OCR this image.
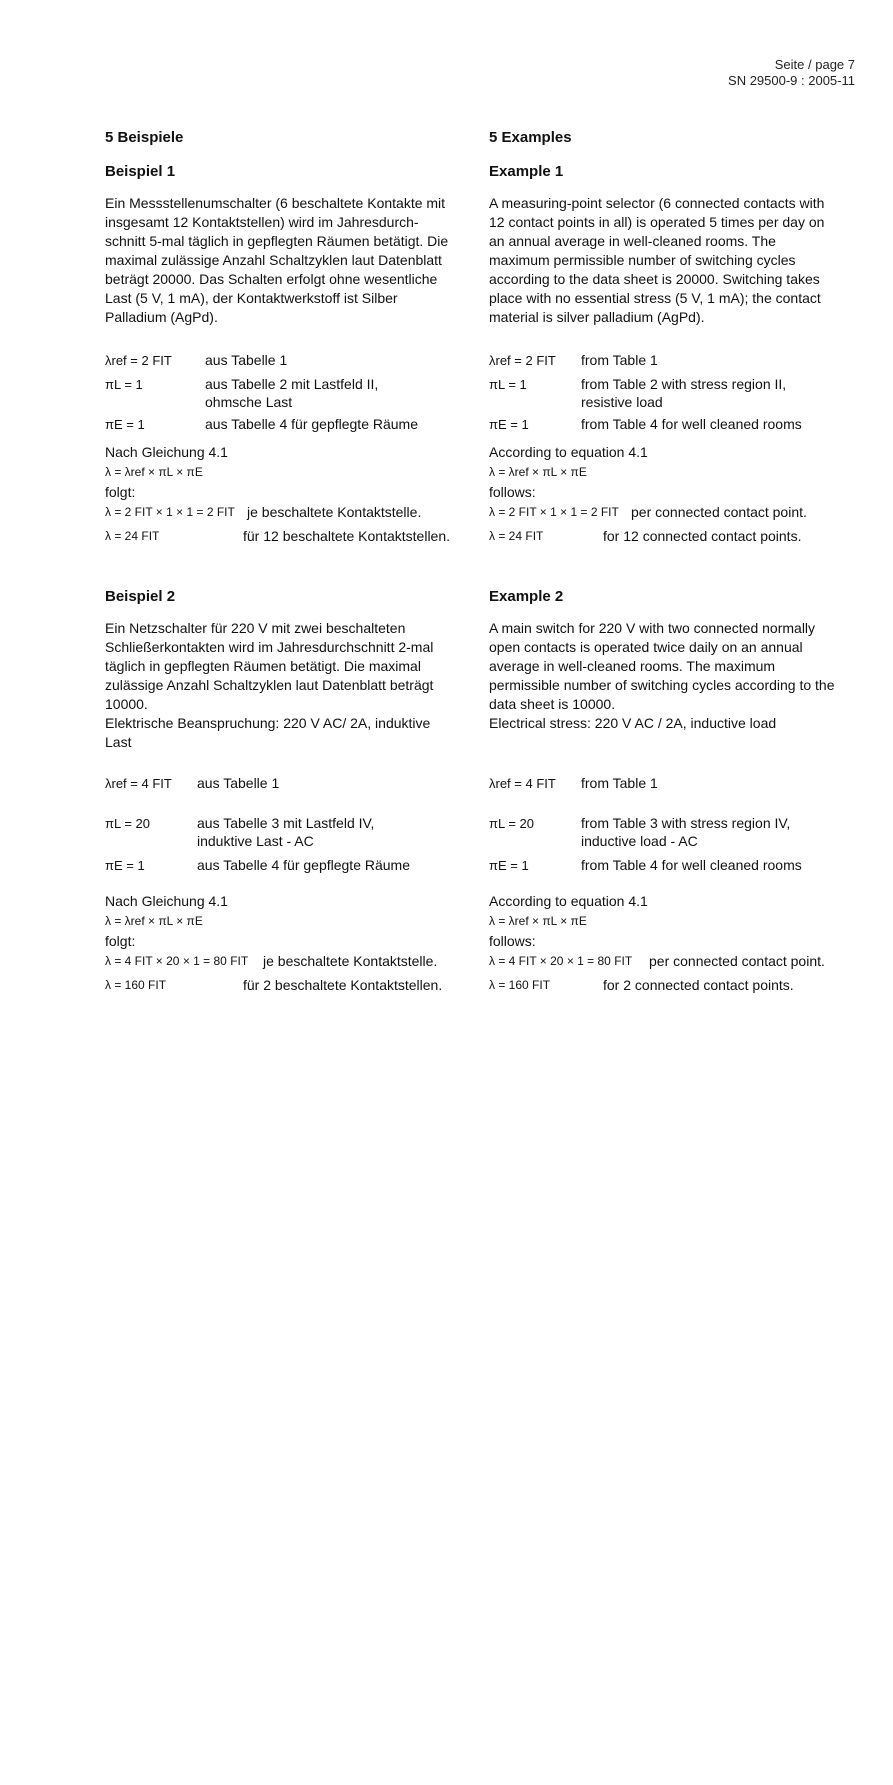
Seite / page 7
SN 29500-9 : 2005-11
5 Beispiele
Beispiel 1

Ein Messstellenumschalter (6 beschaltete Kontakte mit
insgesamt 12 Kontaktstellen) wird im Jahresdurch-
schnitt 5-mal täglich in gepflegten Räumen betätigt. Die
maximal zulässige Anzahl Schaltzyklen laut Datenblatt
beträgt 20000. Das Schalten erfolgt ohne wesentliche
Last (5 V, 1 mA), der Kontaktwerkstoff ist Silber
Palladium (AgPd).

λref = 2 FIT aus Tabelle 1
πL = 1	aus Tabelle 2 mit Lastfeld II,
ohmsche Last
πE = 1	aus Tabelle 4 für gepflegte Räume

Nach Gleichung 4.1

λ = λref × πL × πE

folgt:

λ = 2 FIT × 1 × 1 = 2 FIT je beschaltete Kontaktstelle.
λ = 24 FIT	für 12 beschaltete Kontaktstellen.
Beispiel 2

Ein Netzschalter für 220 V mit zwei beschalteten
Schließerkontakten wird im Jahresdurchschnitt 2-mal
täglich in gepflegten Räumen betätigt. Die maximal
zulässige Anzahl Schaltzyklen laut Datenblatt beträgt
10000.
Elektrische Beanspruchung: 220 V AC/ 2A, induktive
Last

λref = 4 FIT aus Tabelle 1
πL = 20	aus Tabelle 3 mit Lastfeld IV,
induktive Last - AC
πE = 1	aus Tabelle 4 für gepflegte Räume

Nach Gleichung 4.1

λ = λref × πL × πE

folgt:

λ = 4 FIT × 20 × 1 = 80 FIT je beschaltete Kontaktstelle.
λ = 160 FIT	für 2 beschaltete Kontaktstellen.
5 Examples
Example 1

A measuring-point selector (6 connected contacts with
12 contact points in all) is operated 5 times per day on
an annual average in well-cleaned rooms. The
maximum permissible number of switching cycles
according to the data sheet is 20000. Switching takes
place with no essential stress (5 V, 1 mA); the contact
material is silver palladium (AgPd).

λref = 2 FIT from Table 1
πL = 1	from Table 2 with stress region II,
resistive load
πE = 1	from Table 4 for well cleaned rooms

According to equation 4.1

λ = λref × πL × πE

follows:

λ = 2 FIT × 1 × 1 = 2 FIT per connected contact point.
λ = 24 FIT	for 12 connected contact points.
Example 2

A main switch for 220 V with two connected normally
open contacts is operated twice daily on an annual
average in well-cleaned rooms. The maximum
permissible number of switching cycles according to the
data sheet is 10000.
Electrical stress: 220 V AC / 2A, inductive load

λref = 4 FIT from Table 1
πL = 20	from Table 3 with stress region IV,
inductive load - AC
πE = 1	from Table 4 for well cleaned rooms

According to equation 4.1

λ = λref × πL × πE

follows:

λ = 4 FIT × 20 × 1 = 80 FIT per connected contact point.
λ = 160 FIT	for 2 connected contact points.
